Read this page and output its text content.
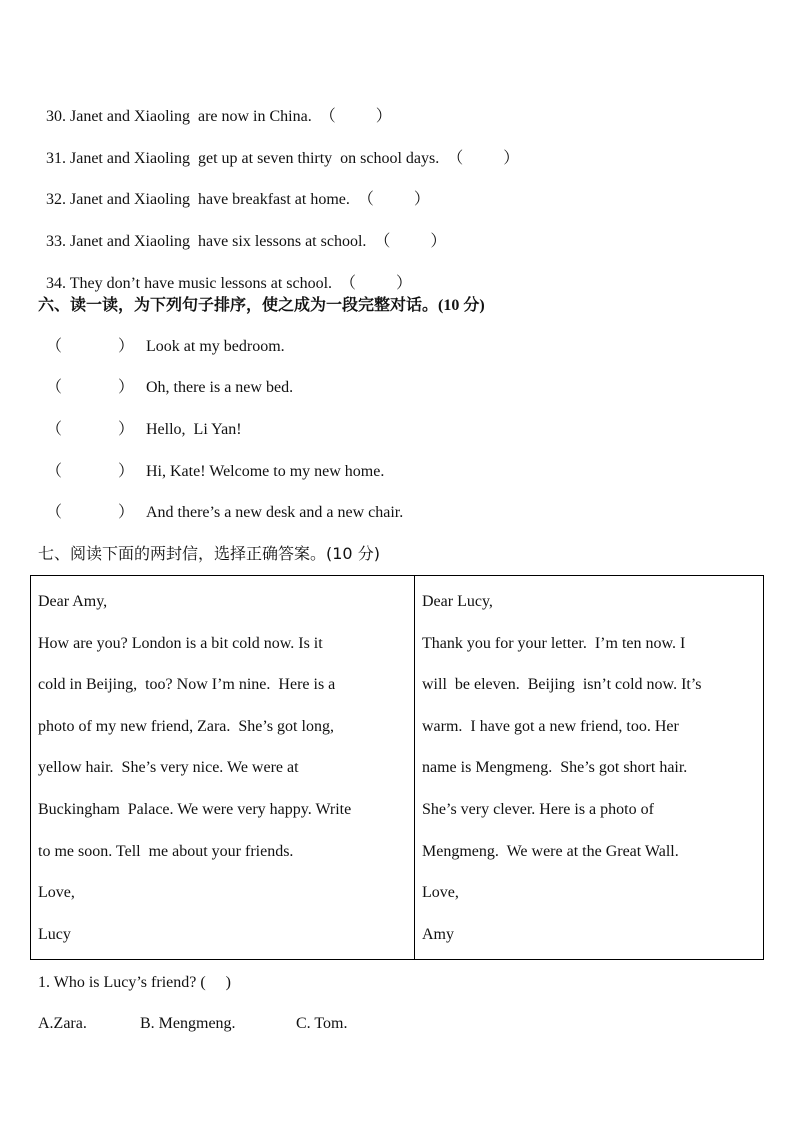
30. Janet and Xiaoling  are now in China. （          ）

31. Janet and Xiaoling  get up at seven thirty  on school days. （          ）

32. Janet and Xiaoling  have breakfast at home. （          ）

33. Janet and Xiaoling  have six lessons at school. （          ）

34. They don’t have music lessons at school. （          ）

六、读一读，为下列句子排序，使之成为一段完整对话。(10 分)
（	） Look at my bedroom.
（	） Oh, there is a new bed.
（	） Hello,  Li Yan!
（	） Hi, Kate! Welcome to my new home.
（	） And there’s a new desk and a new chair.
七、阅读下面的两封信，选择正确答案。(10 分)
Dear Amy,
How are you? London is a bit cold now. Is it
cold in Beijing,  too? Now I’m nine.  Here is a
photo of my new friend, Zara.  She’s got long,
yellow hair.  She’s very nice. We were at
Buckingham  Palace. We were very happy. Write
to me soon. Tell  me about your friends.
Love,
Lucy
Dear Lucy,
Thank you for your letter.  I’m ten now. I
will  be eleven.  Beijing  isn’t cold now. It’s
warm.  I have got a new friend, too. Her
name is Mengmeng.  She’s got short hair.
She’s very clever. Here is a photo of
Mengmeng.  We were at the Great Wall.
Love,
Amy
1. Who is Lucy’s friend? (     )

A.Zara.

	B. Mengmeng.

	C. Tom.
